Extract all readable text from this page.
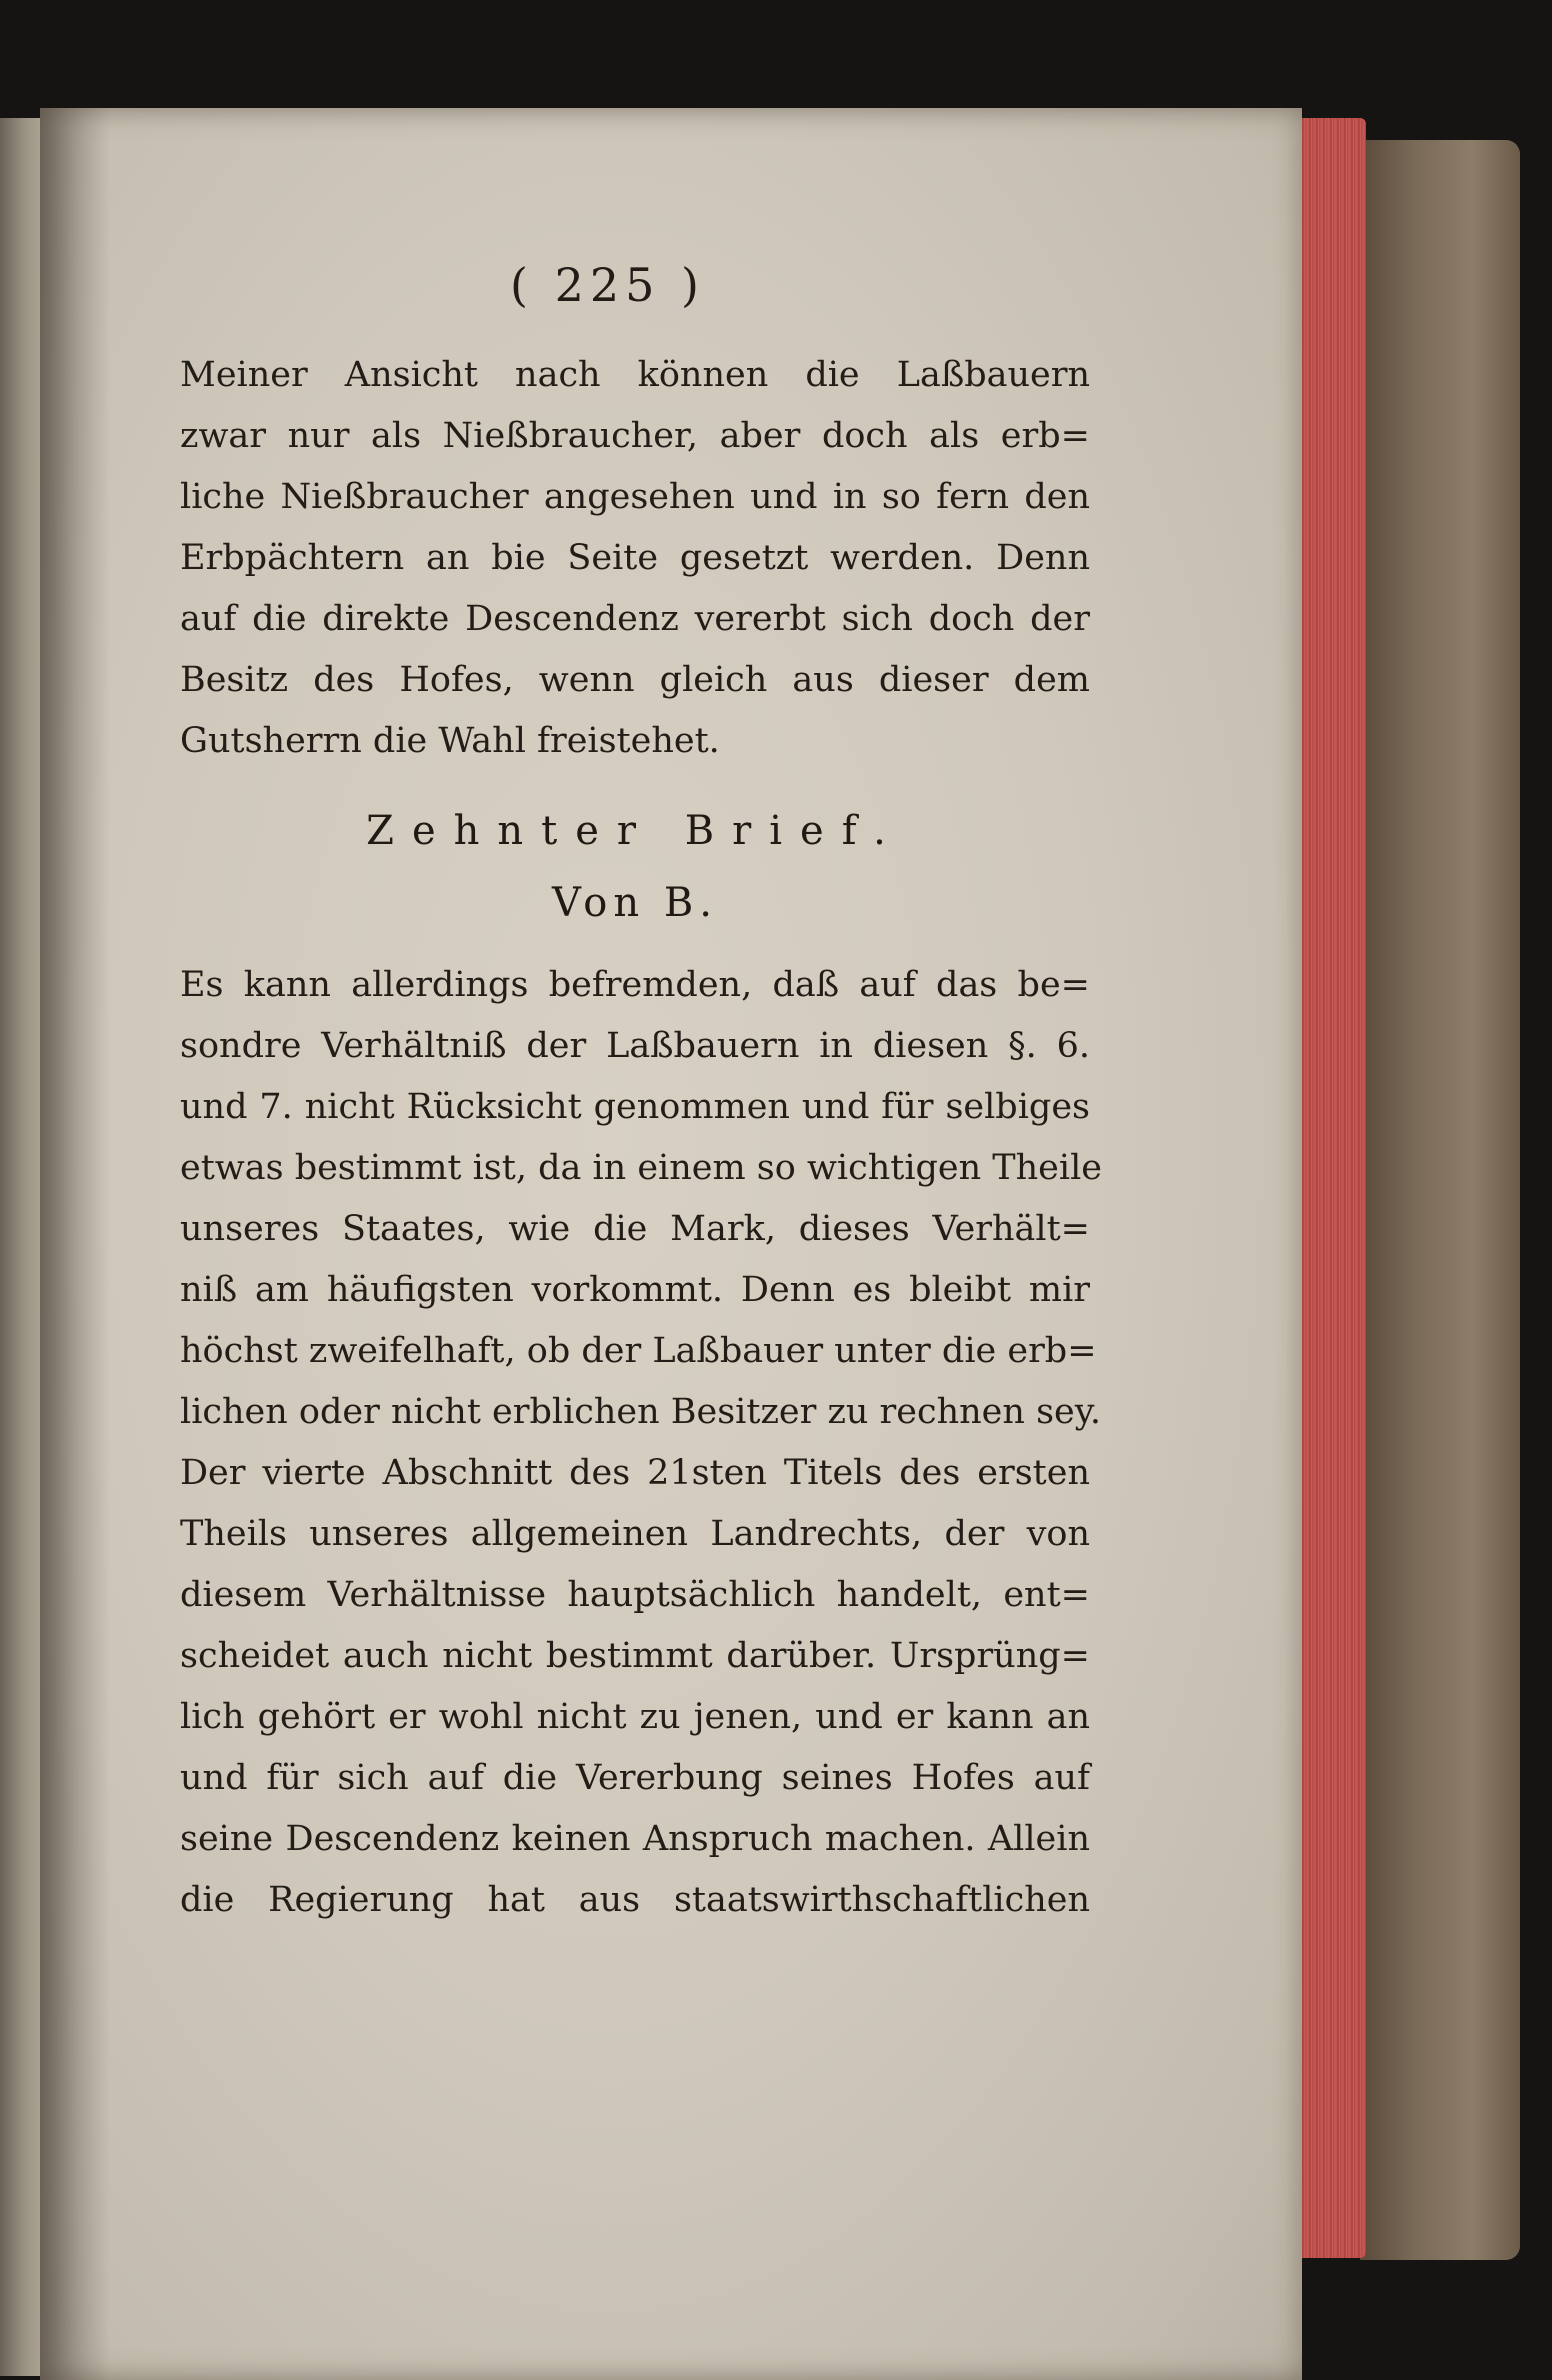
( 225 )
Meiner Ansicht nach können die Laßbauern
zwar nur als Nießbraucher, aber doch als erb=
liche Nießbraucher angesehen und in so fern den
Erbpächtern an bie Seite gesetzt werden. Denn
auf die direkte Descendenz vererbt sich doch der
Besitz des Hofes, wenn gleich aus dieser dem
Gutsherrn die Wahl freistehet.
Zehnter Brief.
Von B.
Es kann allerdings befremden, daß auf das be=
sondre Verhältniß der Laßbauern in diesen §. 6.
und 7. nicht Rücksicht genommen und für selbiges
etwas bestimmt ist, da in einem so wichtigen Theile
unseres Staates, wie die Mark, dieses Verhält=
niß am häufigsten vorkommt. Denn es bleibt mir
höchst zweifelhaft, ob der Laßbauer unter die erb=
lichen oder nicht erblichen Besitzer zu rechnen sey.
Der vierte Abschnitt des 21sten Titels des ersten
Theils unseres allgemeinen Landrechts, der von
diesem Verhältnisse hauptsächlich handelt, ent=
scheidet auch nicht bestimmt darüber. Ursprüng=
lich gehört er wohl nicht zu jenen, und er kann an
und für sich auf die Vererbung seines Hofes auf
seine Descendenz keinen Anspruch machen. Allein
die Regierung hat aus staatswirthschaftlichen
